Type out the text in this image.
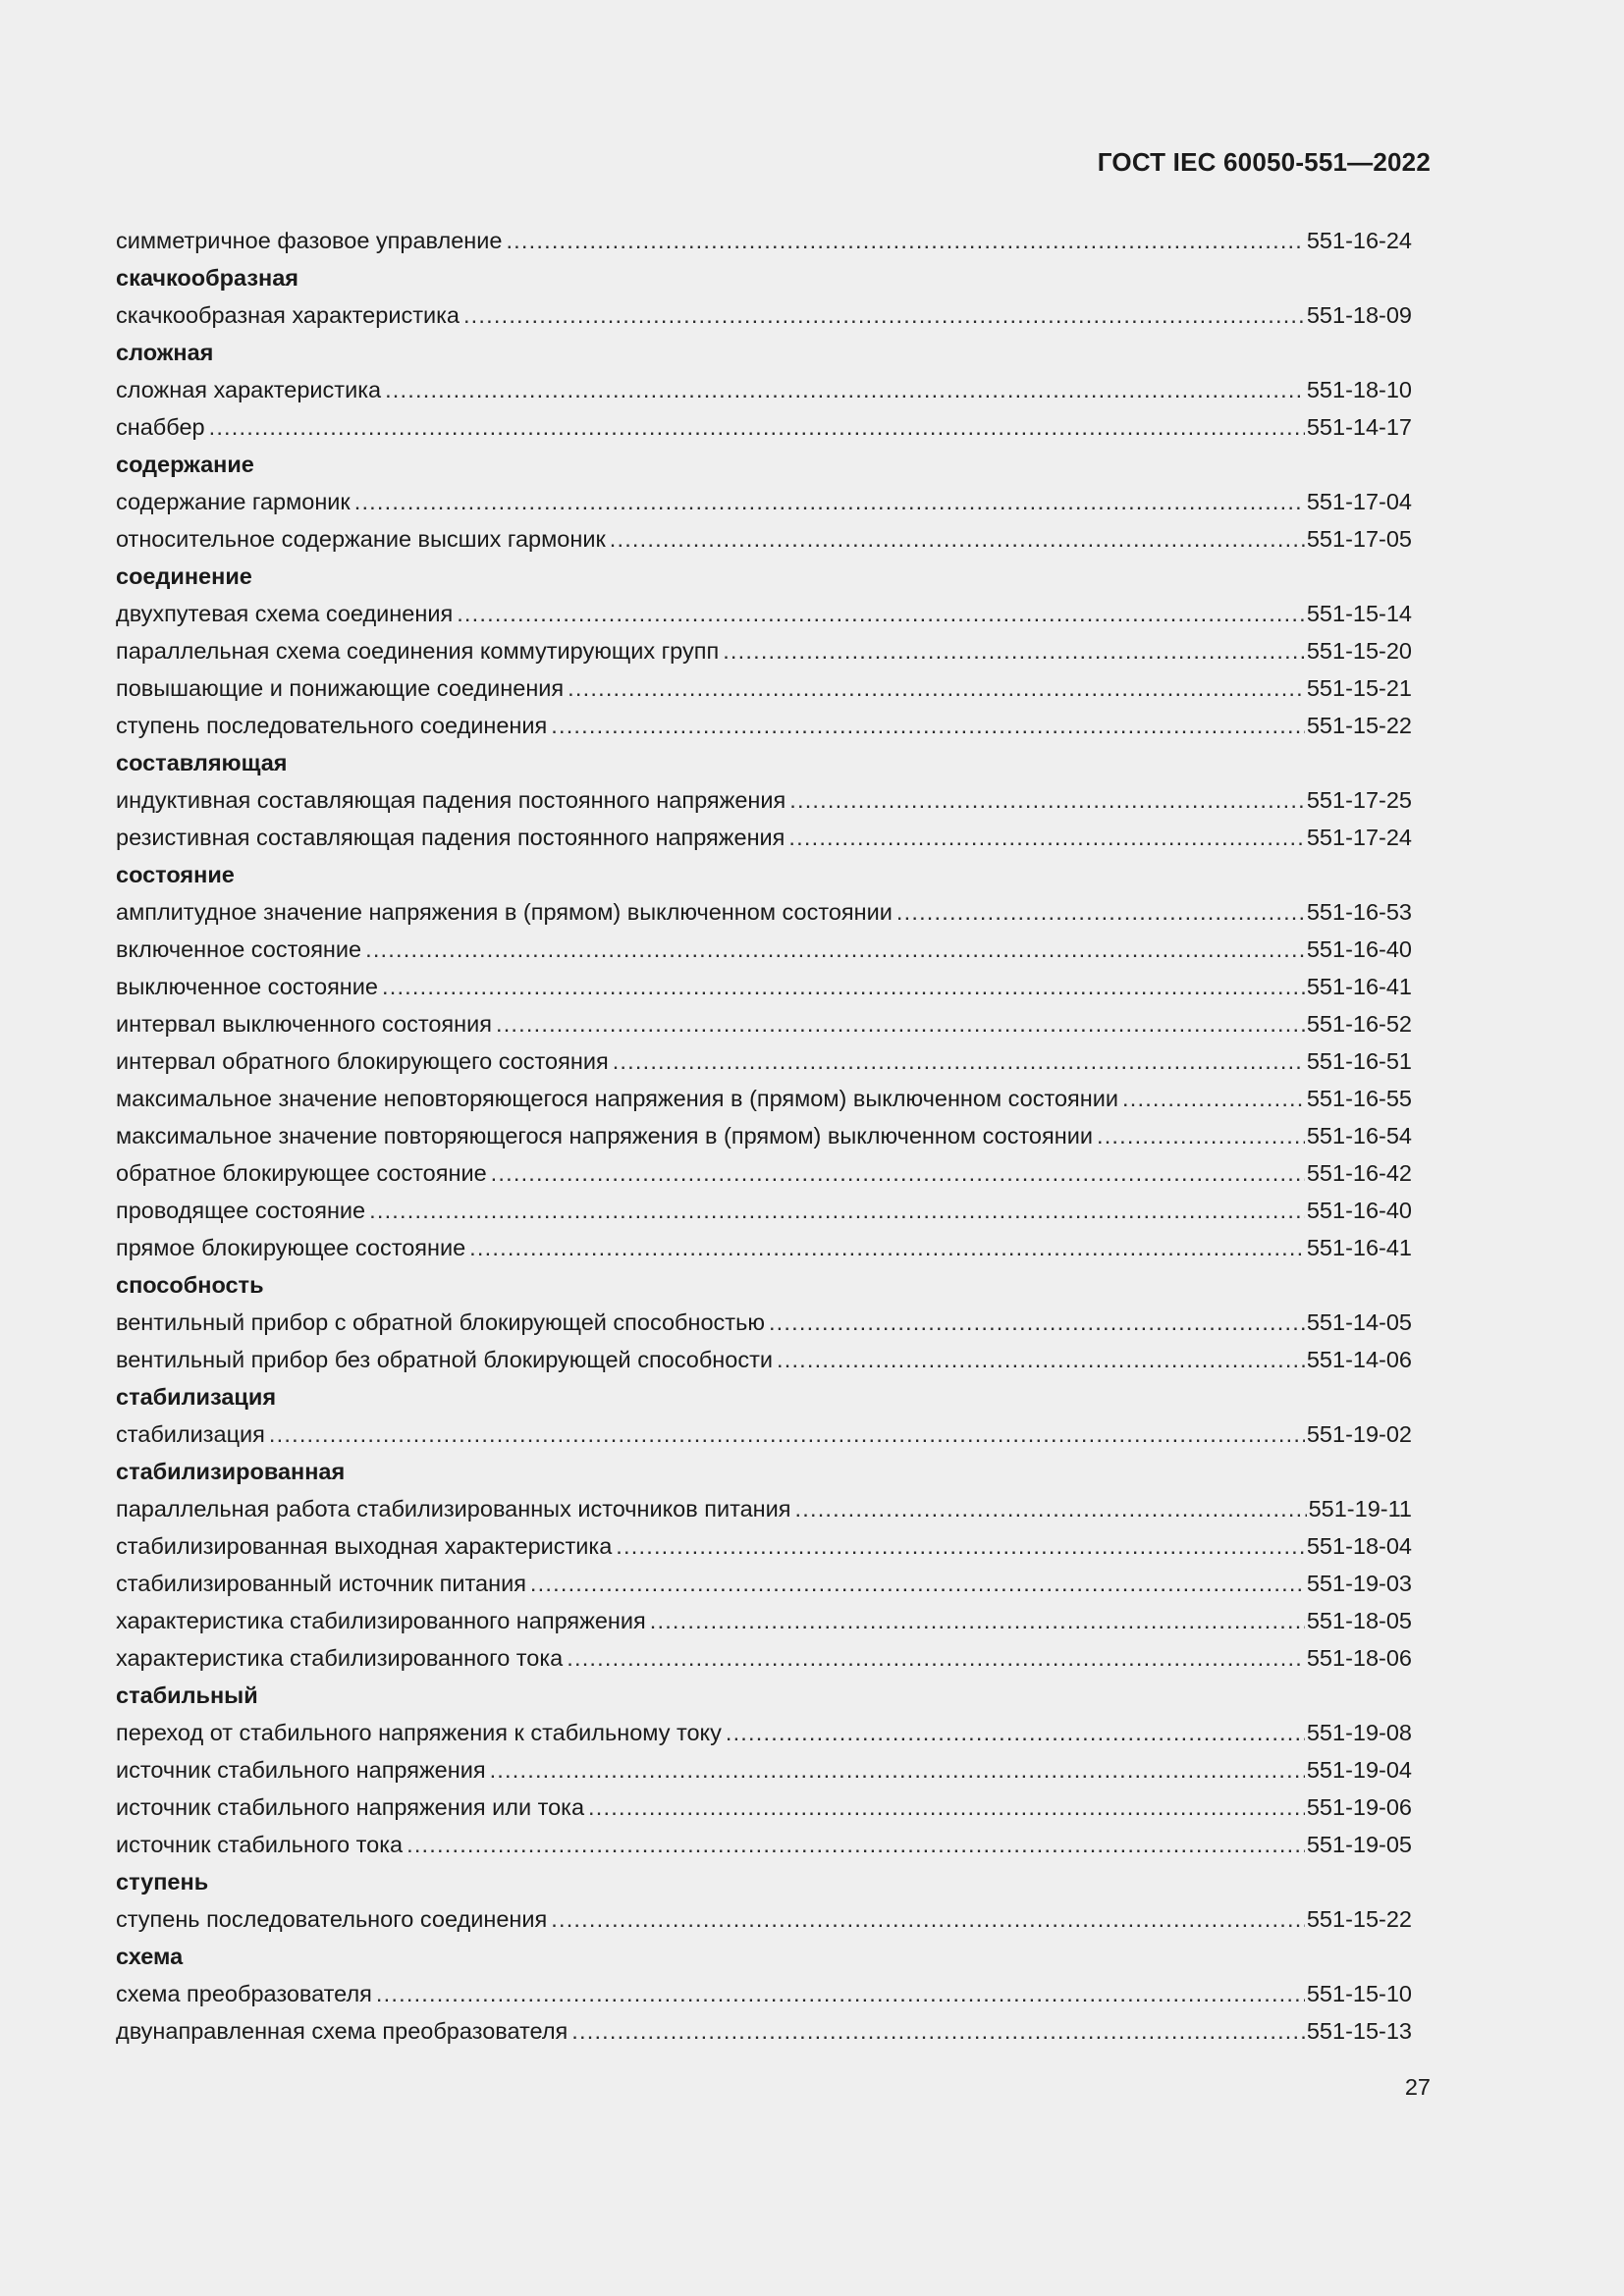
ГОСТ IEC 60050-551—2022
симметричное фазовое управление .....	551-16-24
скачкообразная
скачкообразная характеристика .....	551-18-09
сложная
сложная характеристика .....	551-18-10
снаббер .....	551-14-17
содержание
содержание гармоник .....	551-17-04
относительное содержание высших гармоник .....	551-17-05
соединение
двухпутевая схема соединения .....	551-15-14
параллельная схема соединения коммутирующих групп .....	551-15-20
повышающие и понижающие соединения .....	551-15-21
ступень последовательного соединения .....	551-15-22
составляющая
индуктивная составляющая падения постоянного напряжения .....	551-17-25
резистивная составляющая падения постоянного напряжения .....	551-17-24
состояние
амплитудное значение напряжения в (прямом) выключенном состоянии .....	551-16-53
включенное состояние .....	551-16-40
выключенное состояние .....	551-16-41
интервал выключенного состояния .....	551-16-52
интервал обратного блокирующего состояния .....	551-16-51
максимальное значение неповторяющегося напряжения в (прямом) выключенном состоянии .....	551-16-55
максимальное значение повторяющегося напряжения в (прямом) выключенном состоянии .....	551-16-54
обратное блокирующее состояние .....	551-16-42
проводящее состояние .....	551-16-40
прямое блокирующее состояние .....	551-16-41
способность
вентильный прибор с обратной блокирующей способностью .....	551-14-05
вентильный прибор без обратной блокирующей способности .....	551-14-06
стабилизация
стабилизация .....	551-19-02
стабилизированная
параллельная работа стабилизированных источников питания .....	551-19-11
стабилизированная выходная характеристика .....	551-18-04
стабилизированный источник питания .....	551-19-03
характеристика стабилизированного напряжения .....	551-18-05
характеристика стабилизированного тока .....	551-18-06
стабильный
переход от стабильного напряжения к стабильному току .....	551-19-08
источник стабильного напряжения .....	551-19-04
источник стабильного напряжения или тока .....	551-19-06
источник стабильного тока .....	551-19-05
ступень
ступень последовательного соединения .....	551-15-22
схема
схема преобразователя .....	551-15-10
двунаправленная схема преобразователя .....	551-15-13
27
